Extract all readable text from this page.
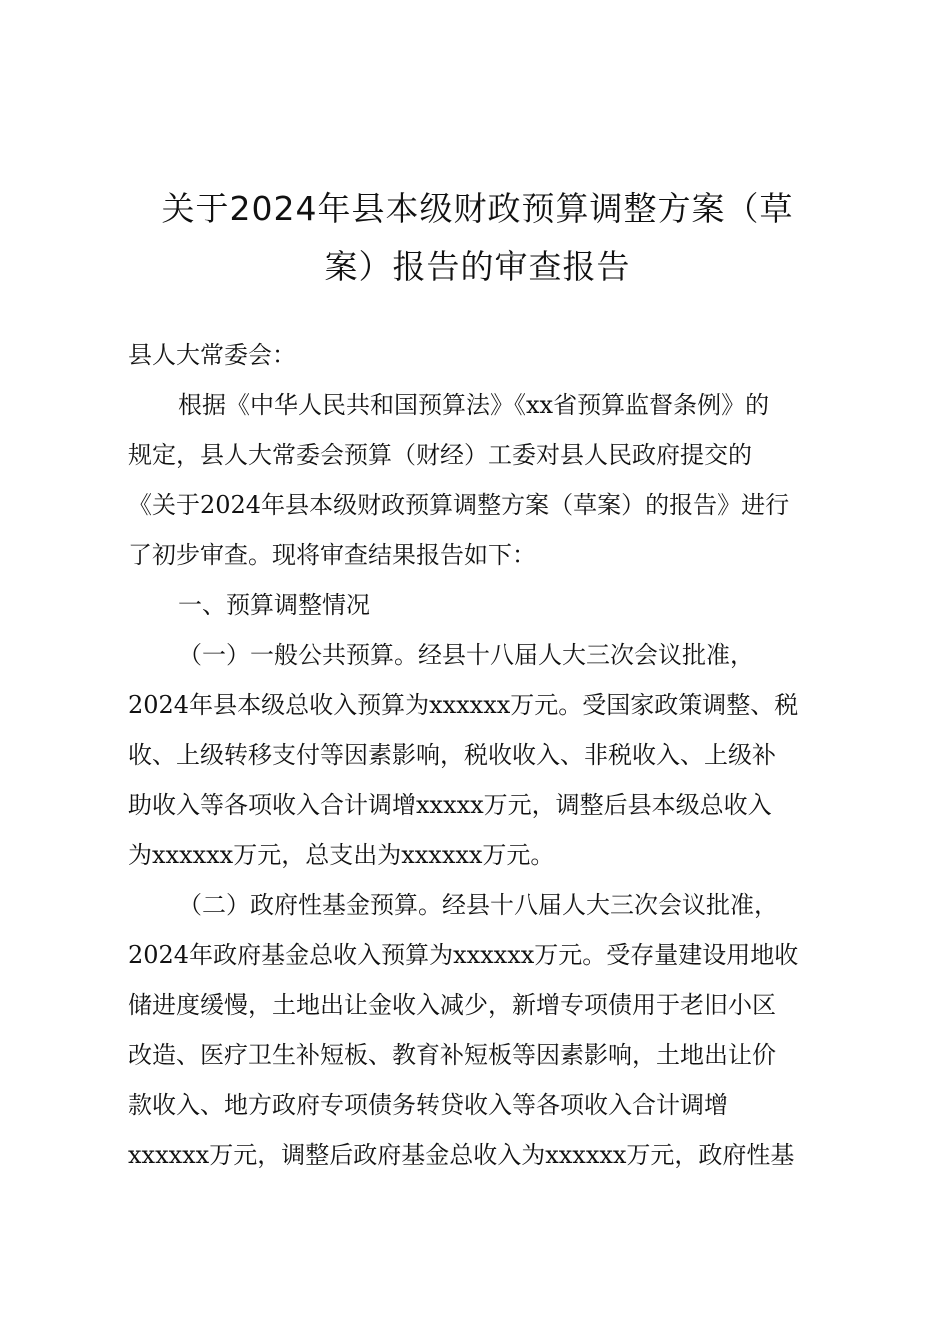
关于2024年县本级财政预算调整方案（草
案）报告的审查报告

县人大常委会：

根据《中华人民共和国预算法》《xx省预算监督条例》的
规定，县人大常委会预算（财经）工委对县人民政府提交的
《关于2024年县本级财政预算调整方案（草案）的报告》进行
了初步审查。现将审查结果报告如下：

一、预算调整情况

（一）一般公共预算。经县十八届人大三次会议批准，
2024年县本级总收入预算为xxxxxx万元。受国家政策调整、税
收、上级转移支付等因素影响，税收收入、非税收入、上级补
助收入等各项收入合计调增xxxxx万元，调整后县本级总收入
为xxxxxx万元，总支出为xxxxxx万元。

（二）政府性基金预算。经县十八届人大三次会议批准，
2024年政府基金总收入预算为xxxxxx万元。受存量建设用地收
储进度缓慢，土地出让金收入减少，新增专项债用于老旧小区
改造、医疗卫生补短板、教育补短板等因素影响，土地出让价
款收入、地方政府专项债务转贷收入等各项收入合计调增
xxxxxx万元，调整后政府基金总收入为xxxxxx万元，政府性基
